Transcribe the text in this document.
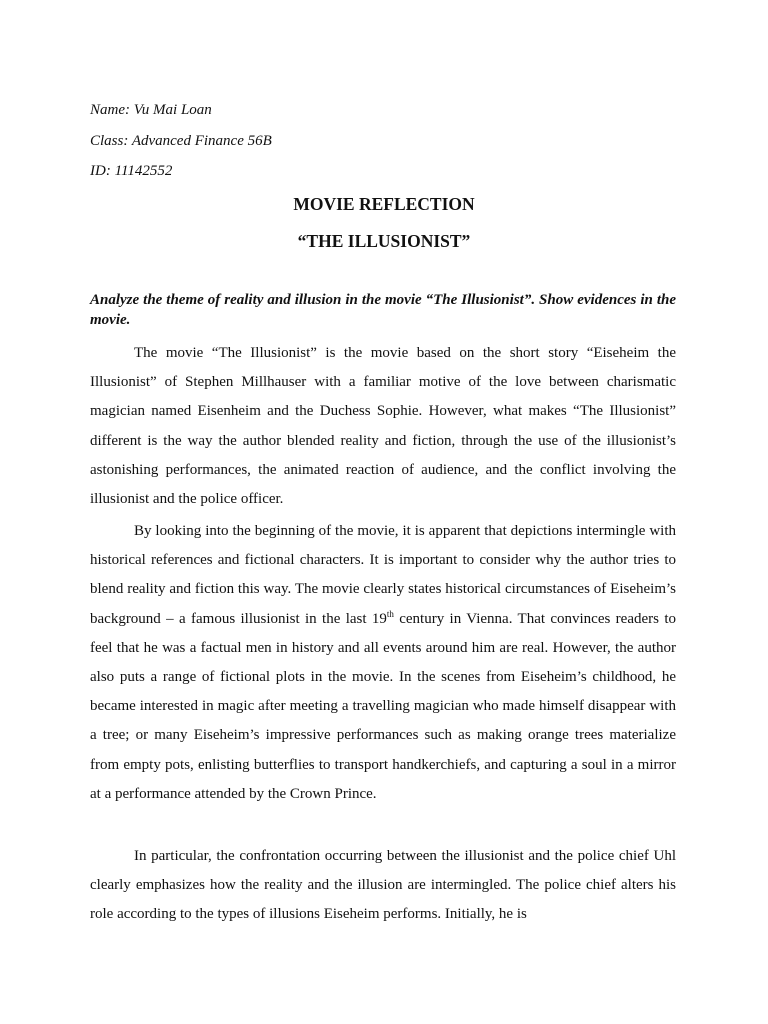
Name: Vu Mai Loan
Class: Advanced Finance 56B
ID: 11142552
MOVIE REFLECTION
“THE ILLUSIONIST”
Analyze the theme of reality and illusion in the movie “The Illusionist”. Show evidences in the movie.

The movie “The Illusionist” is the movie based on the short story “Eiseheim the Illusionist” of Stephen Millhauser with a familiar motive of the love between charismatic magician named Eisenheim and the Duchess Sophie. However, what makes “The Illusionist” different is the way the author blended reality and fiction, through the use of the illusionist’s astonishing performances, the animated reaction of audience, and the conflict involving the illusionist and the police officer.

By looking into the beginning of the movie, it is apparent that depictions intermingle with historical references and fictional characters. It is important to consider why the author tries to blend reality and fiction this way. The movie clearly states historical circumstances of Eiseheim’s background – a famous illusionist in the last 19th century in Vienna. That convinces readers to feel that he was a factual men in history and all events around him are real. However, the author also puts a range of fictional plots in the movie. In the scenes from Eiseheim’s childhood, he became interested in magic after meeting a travelling magician who made himself disappear with a tree; or many Eiseheim’s impressive performances such as making orange trees materialize from empty pots, enlisting butterflies to transport handkerchiefs, and capturing a soul in a mirror at a performance attended by the Crown Prince.

In particular, the confrontation occurring between the illusionist and the police chief Uhl clearly emphasizes how the reality and the illusion are intermingled. The police chief alters his role according to the types of illusions Eiseheim performs. Initially, he is
